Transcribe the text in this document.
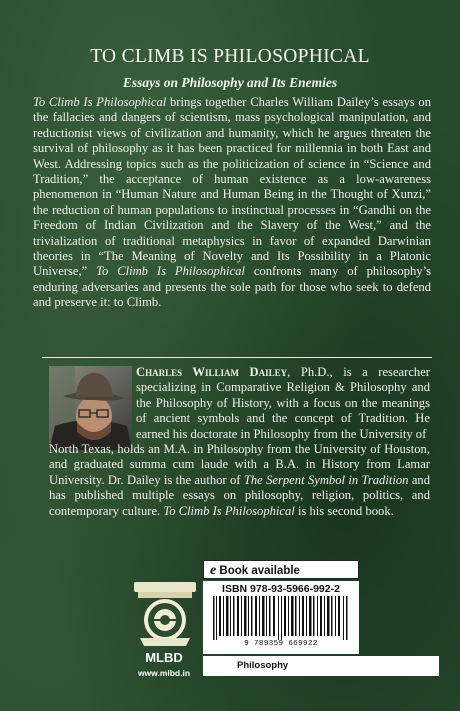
TO CLIMB IS PHILOSOPHICAL
Essays on Philosophy and Its Enemies

To Climb Is Philosophical brings together Charles William Dailey’s essays on the fallacies and dangers of scientism, mass psychological manipulation, and reductionist views of civilization and humanity, which he argues threaten the survival of philosophy as it has been practiced for millennia in both East and West. Addressing topics such as the politicization of science in “Science and Tradition,” the acceptance of human existence as a low-awareness phenomenon in “Human Nature and Human Being in the Thought of Xunzi,” the reduction of human populations to instinctual processes in “Gandhi on the Freedom of Indian Civilization and the Slavery of the West,” and the trivialization of traditional metaphysics in favor of expanded Darwinian theories in “The Meaning of Novelty and Its Possibility in a Platonic Universe,” To Climb Is Philosophical confronts many of philosophy’s enduring adversaries and presents the sole path for those who seek to defend and preserve it: to Climb.

Charles William Dailey, Ph.D., is a researcher specializing in Comparative Religion & Philosophy and the Philosophy of History, with a focus on the meanings of ancient symbols and the concept of Tradition. He earned his doctorate in Philosophy from the University of

North Texas, holds an M.A. in Philosophy from the University of Houston, and graduated summa cum laude with a B.A. in History from Lamar University. Dr. Dailey is the author of The Serpent Symbol in Tradition and has published multiple essays on philosophy, religion, politics, and contemporary culture. To Climb Is Philosophical is his second book.

MLBD
www.mlbd.in
e Book available
ISBN 978-93-5966-992-2
9 789359 669922
Philosophy
